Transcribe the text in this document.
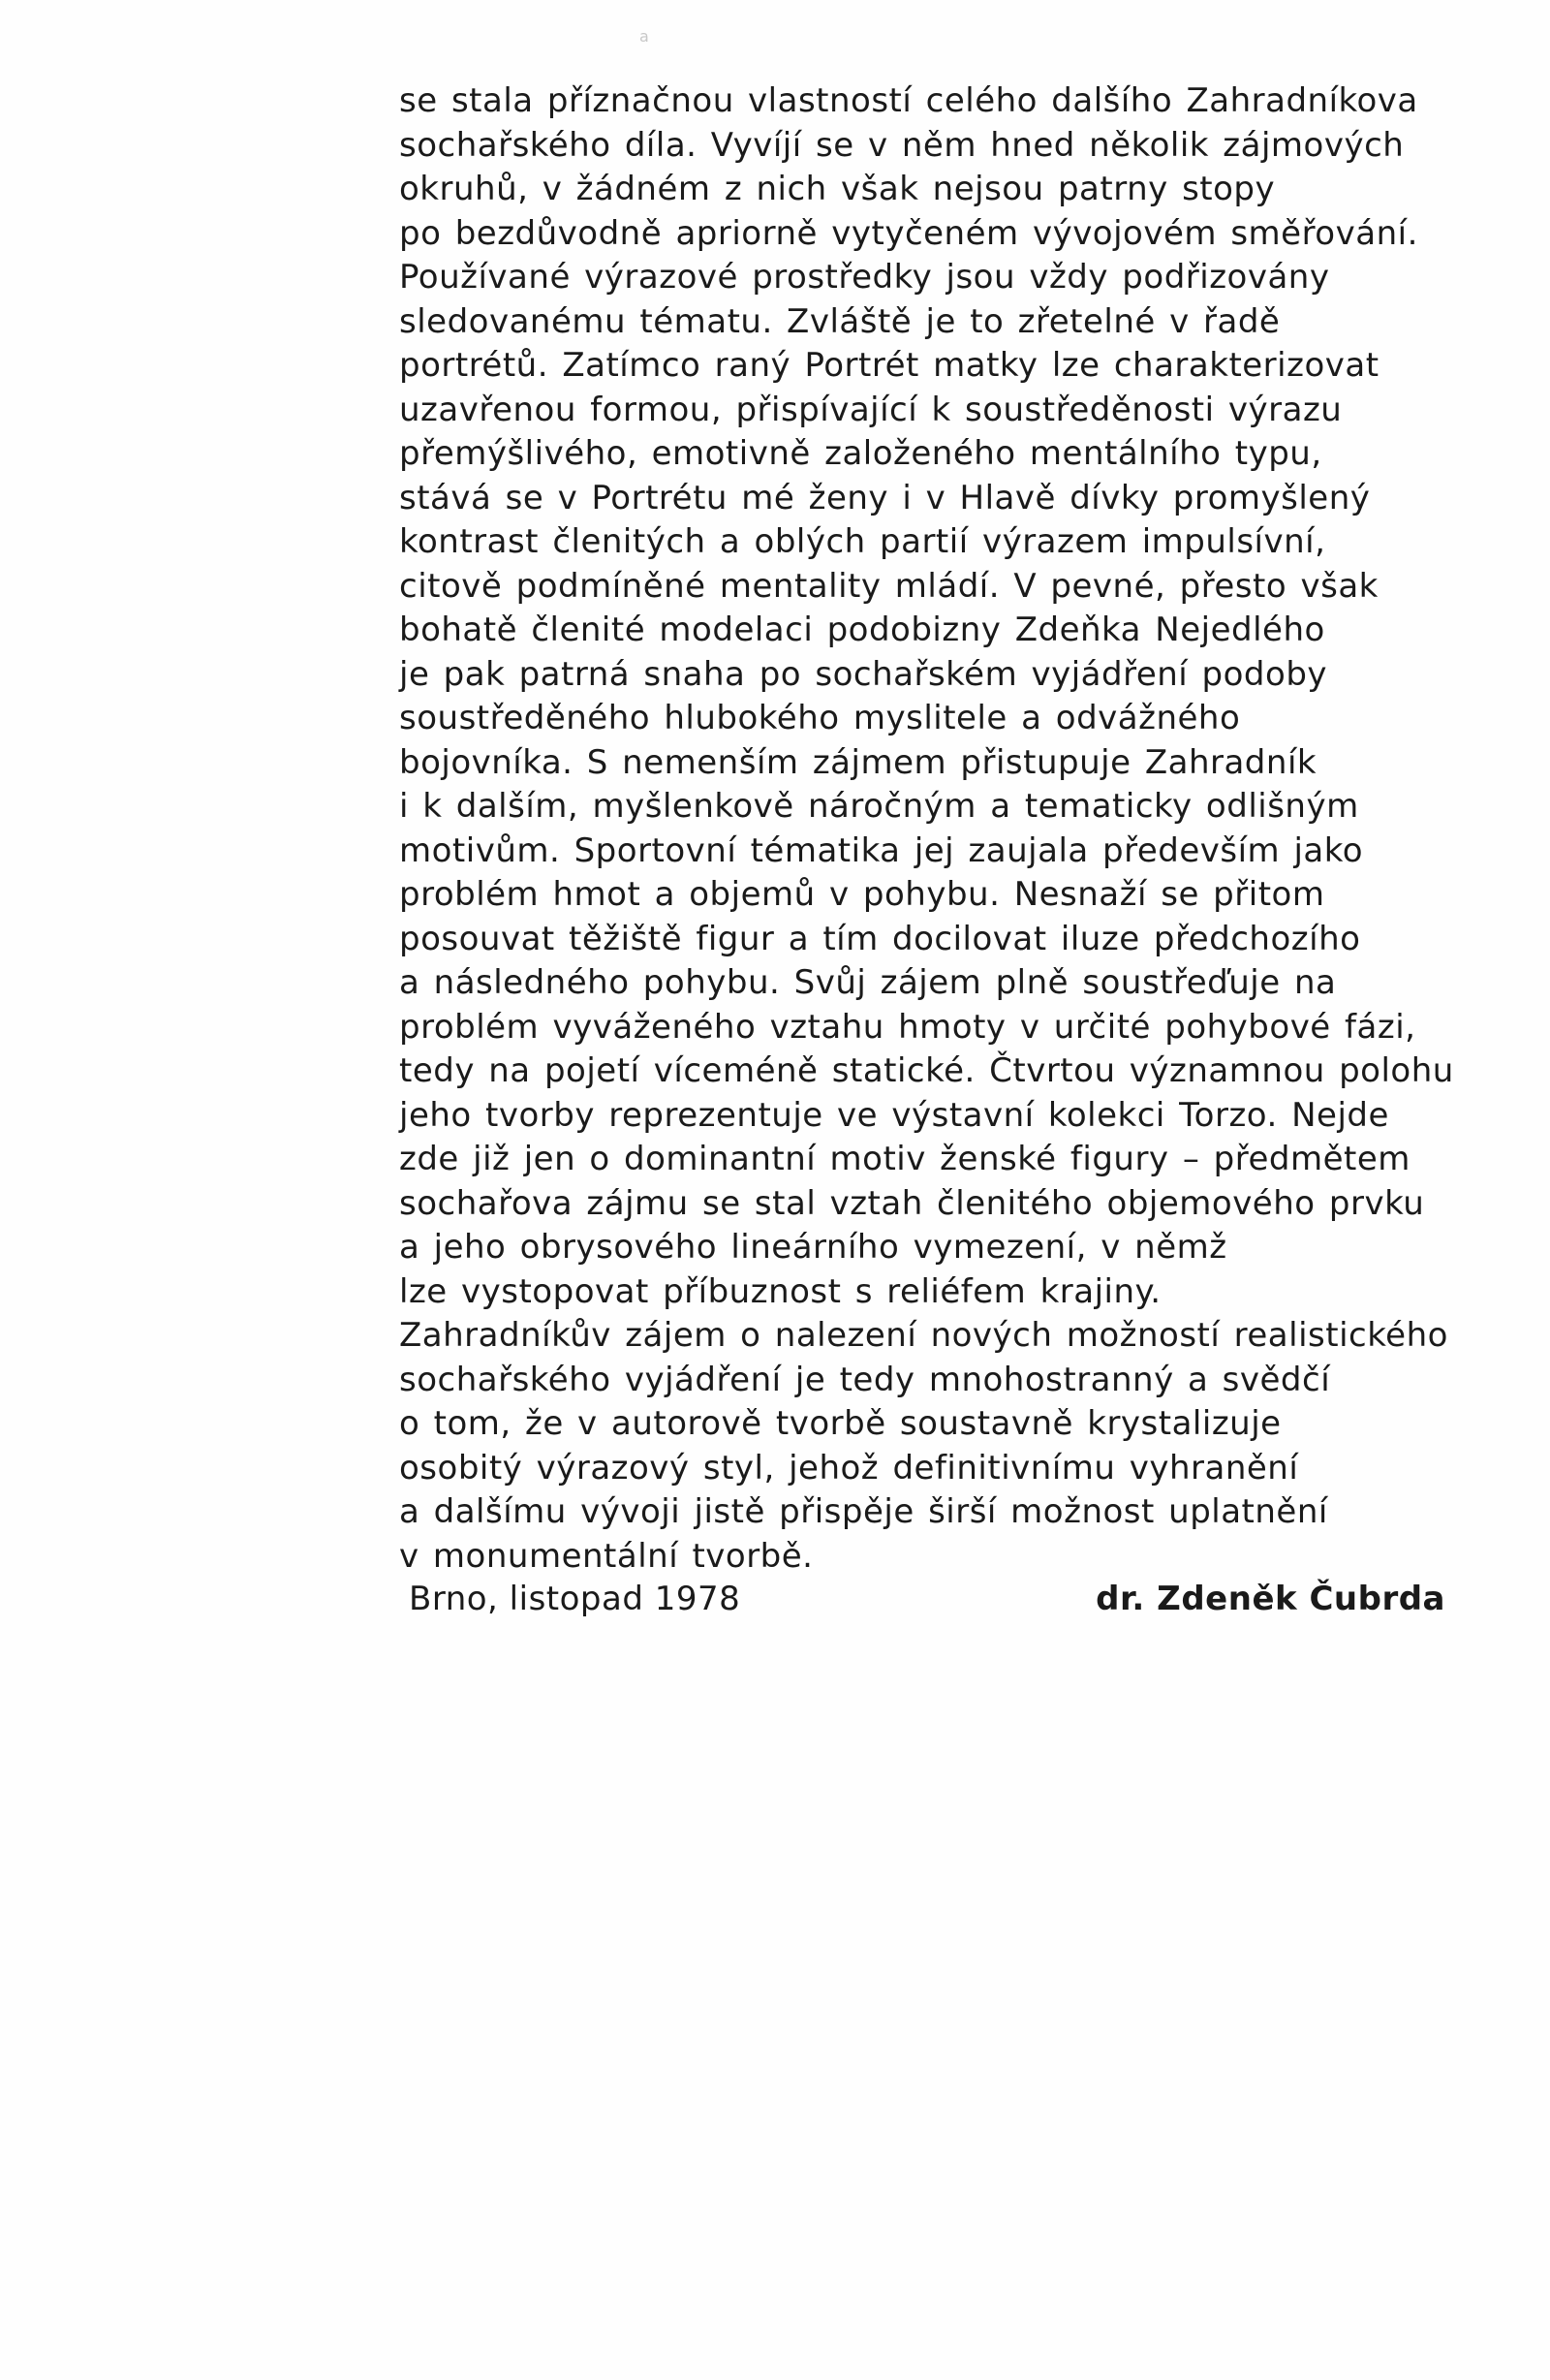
a
se stala příznačnou vlastností celého dalšího Zahradníkova
sochařského díla. Vyvíjí se v něm hned několik zájmových
okruhů, v žádném z nich však nejsou patrny stopy
po bezdůvodně apriorně vytyčeném vývojovém směřování.
Používané výrazové prostředky jsou vždy podřizovány
sledovanému tématu. Zvláště je to zřetelné v řadě
portrétů. Zatímco raný Portrét matky lze charakterizovat
uzavřenou formou, přispívající k soustředěnosti výrazu
přemýšlivého, emotivně založeného mentálního typu,
stává se v Portrétu mé ženy i v Hlavě dívky promyšlený
kontrast členitých a oblých partií výrazem impulsívní,
citově podmíněné mentality mládí. V pevné, přesto však
bohatě členité modelaci podobizny Zdeňka Nejedlého
je pak patrná snaha po sochařském vyjádření podoby
soustředěného hlubokého myslitele a odvážného
bojovníka. S nemenším zájmem přistupuje Zahradník
i k dalším, myšlenkově náročným a tematicky odlišným
motivům. Sportovní tématika jej zaujala především jako
problém hmot a objemů v pohybu. Nesnaží se přitom
posouvat těžiště figur a tím docilovat iluze předchozího
a následného pohybu. Svůj zájem plně soustřeďuje na
problém vyváženého vztahu hmoty v určité pohybové fázi,
tedy na pojetí víceméně statické. Čtvrtou významnou polohu
jeho tvorby reprezentuje ve výstavní kolekci Torzo. Nejde
zde již jen o dominantní motiv ženské figury – předmětem
sochařova zájmu se stal vztah členitého objemového prvku
a jeho obrysového lineárního vymezení, v němž
lze vystopovat příbuznost s reliéfem krajiny.
Zahradníkův zájem o nalezení nových možností realistického
sochařského vyjádření je tedy mnohostranný a svědčí
o tom, že v autorově tvorbě soustavně krystalizuje
osobitý výrazový styl, jehož definitivnímu vyhranění
a dalšímu vývoji jistě přispěje širší možnost uplatnění
v monumentální tvorbě.
Brno, listopad 1978	dr. Zdeněk Čubrda
